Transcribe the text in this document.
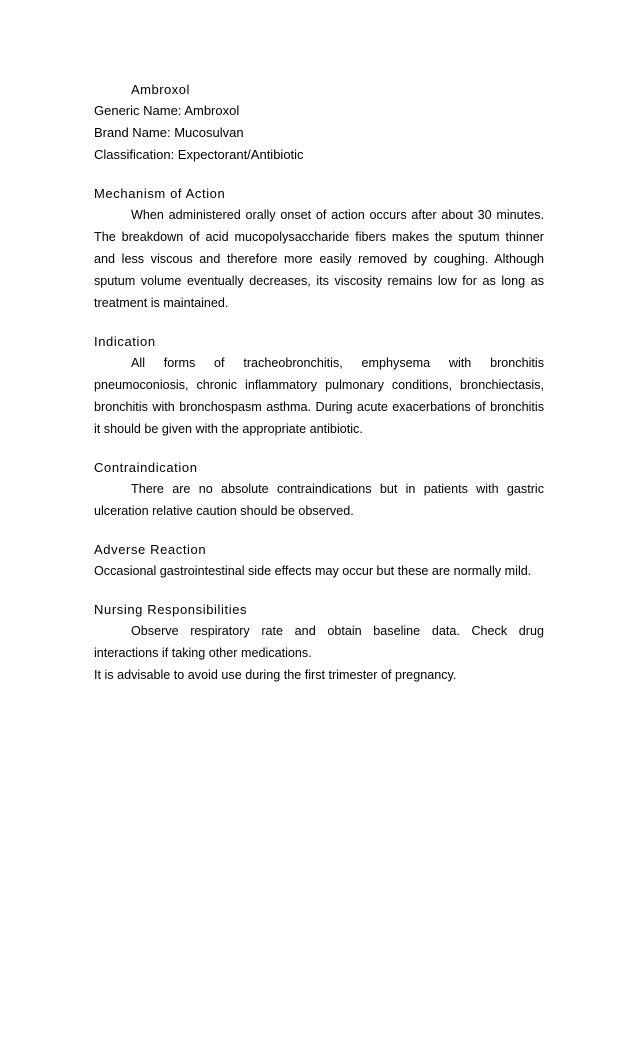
Ambroxol

Generic Name: Ambroxol

Brand Name: Mucosulvan

Classification: Expectorant/Antibiotic

Mechanism of Action

When administered orally onset of action occurs after about 30 minutes. The breakdown of acid mucopolysaccharide fibers makes the sputum thinner and less viscous and therefore more easily removed by coughing. Although sputum volume eventually decreases, its viscosity remains low for as long as treatment is maintained.

Indication

All forms of tracheobronchitis, emphysema with bronchitis pneumoconiosis, chronic inflammatory pulmonary conditions, bronchiectasis, bronchitis with bronchospasm asthma. During acute exacerbations of bronchitis it should be given with the appropriate antibiotic.

Contraindication

There are no absolute contraindications but in patients with gastric ulceration relative caution should be observed.

Adverse Reaction

Occasional gastrointestinal side effects may occur but these are normally mild.

Nursing Responsibilities

Observe respiratory rate and obtain baseline data. Check drug interactions if taking other medications.

It is advisable to avoid use during the first trimester of pregnancy.
